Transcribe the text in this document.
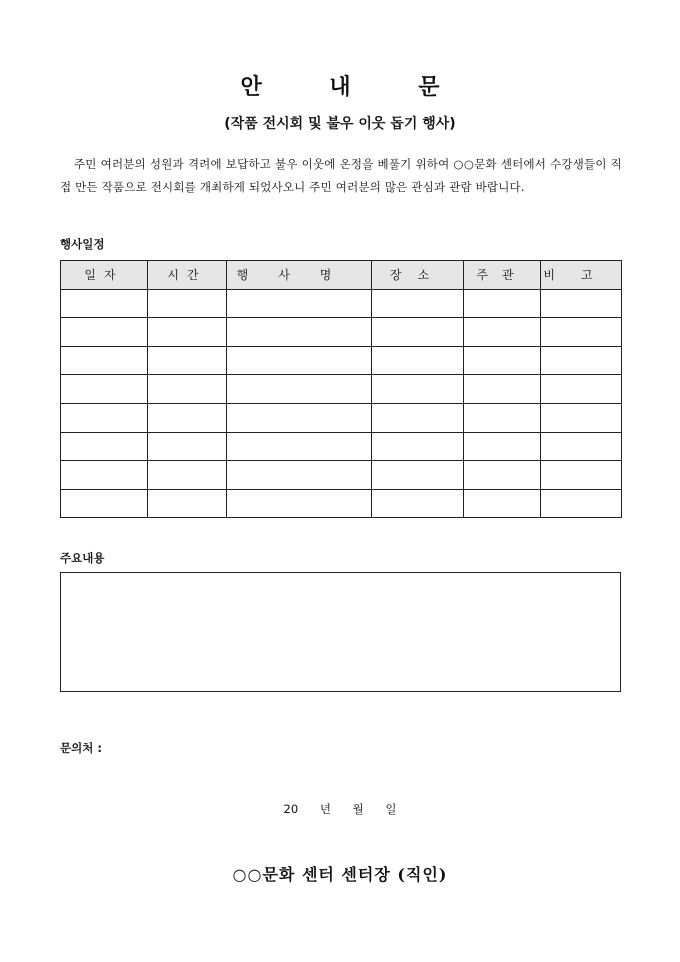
안 내 문
(작품 전시회 및 불우 이웃 돕기 행사)
주민 여러분의 성원과 격려에 보답하고 불우 이웃에 온정을 베풀기 위하여 ○○문화 센터에서 수강생들이 직접 만든 작품으로 전시회를 개최하게 되었사오니 주민 여러분의 많은 관심과 관람 바랍니다.
행사일정
일자	시간	행사명	장소	주관	비고

주요내용
문의처 :
20 년 월 일
○○문화 센터 센터장 (직인)
